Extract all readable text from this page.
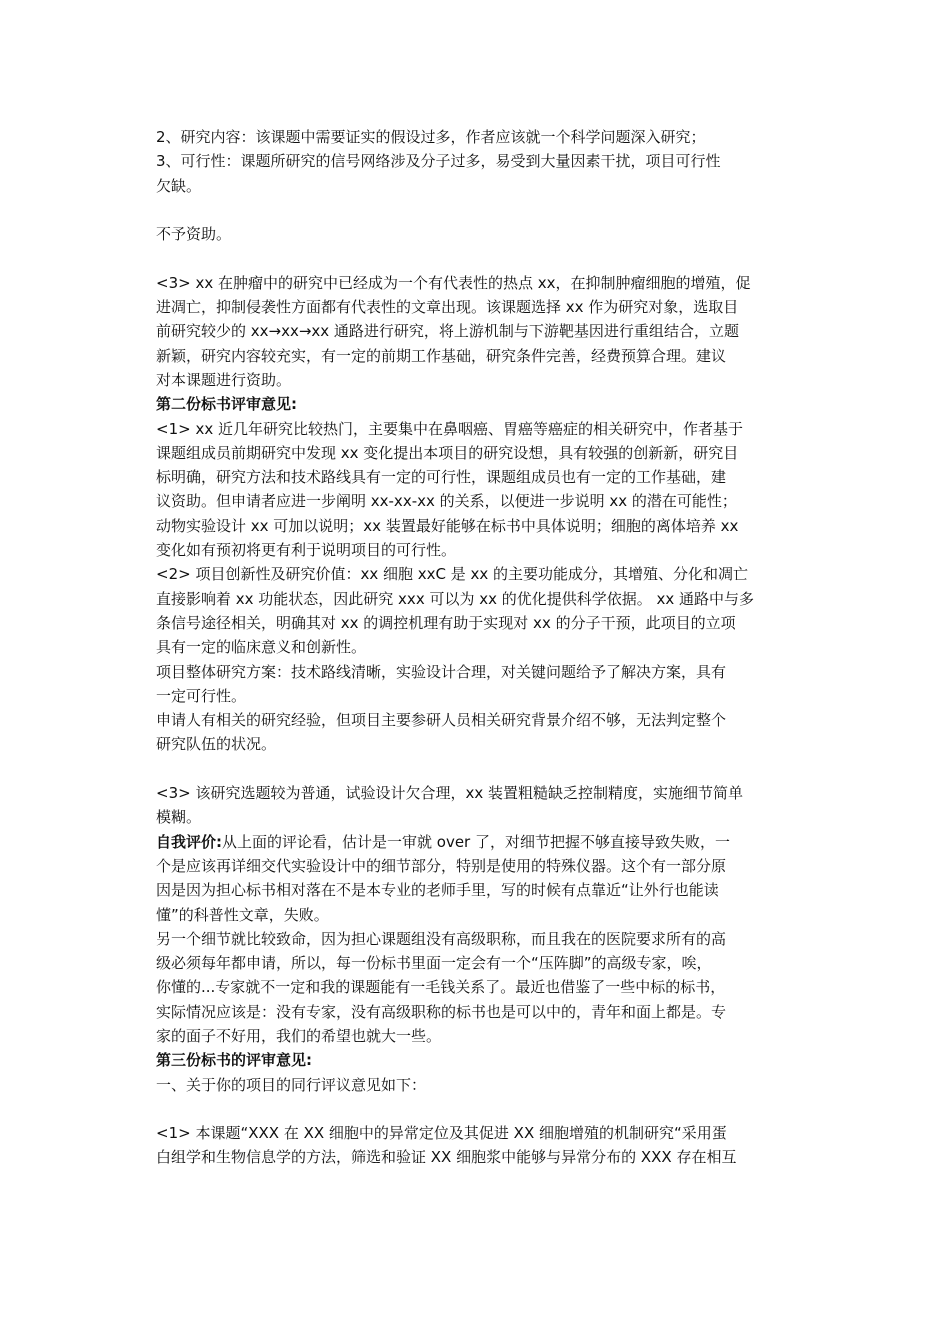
2、研究内容：该课题中需要证实的假设过多，作者应该就一个科学问题深入研究；
3、可行性：课题所研究的信号网络涉及分子过多，易受到大量因素干扰，项目可行性
欠缺。
不予资助。
<3> xx 在肿瘤中的研究中已经成为一个有代表性的热点 xx，在抑制肿瘤细胞的增殖，促
进凋亡，抑制侵袭性方面都有代表性的文章出现。该课题选择 xx 作为研究对象，选取目
前研究较少的 xx→xx→xx 通路进行研究，将上游机制与下游靶基因进行重组结合，立题
新颖，研究内容较充实，有一定的前期工作基础，研究条件完善，经费预算合理。建议
对本课题进行资助。
第二份标书评审意见:
<1> xx 近几年研究比较热门，主要集中在鼻咽癌、胃癌等癌症的相关研究中，作者基于
课题组成员前期研究中发现 xx 变化提出本项目的研究设想，具有较强的创新新，研究目
标明确，研究方法和技术路线具有一定的可行性，课题组成员也有一定的工作基础，建
议资助。但申请者应进一步阐明 xx-xx-xx 的关系，以便进一步说明 xx 的潜在可能性；
动物实验设计 xx 可加以说明；xx 装置最好能够在标书中具体说明；细胞的离体培养 xx
变化如有预初将更有利于说明项目的可行性。
<2> 项目创新性及研究价值：xx 细胞 xxC 是 xx 的主要功能成分，其增殖、分化和凋亡
直接影响着 xx 功能状态，因此研究 xxx 可以为 xx 的优化提供科学依据。 xx 通路中与多
条信号途径相关，明确其对 xx 的调控机理有助于实现对 xx 的分子干预，此项目的立项
具有一定的临床意义和创新性。
项目整体研究方案：技术路线清晰，实验设计合理，对关键问题给予了解决方案，具有
一定可行性。
申请人有相关的研究经验，但项目主要参研人员相关研究背景介绍不够，无法判定整个
研究队伍的状况。
<3> 该研究选题较为普通，试验设计欠合理，xx 装置粗糙缺乏控制精度，实施细节简单
模糊。
自我评价:从上面的评论看，估计是一审就 over 了，对细节把握不够直接导致失败，一
个是应该再详细交代实验设计中的细节部分，特别是使用的特殊仪器。这个有一部分原
因是因为担心标书相对落在不是本专业的老师手里，写的时候有点靠近“让外行也能读
懂”的科普性文章，失败。
另一个细节就比较致命，因为担心课题组没有高级职称，而且我在的医院要求所有的高
级必须每年都申请，所以，每一份标书里面一定会有一个“压阵脚”的高级专家，唉，
你懂的...专家就不一定和我的课题能有一毛钱关系了。最近也借鉴了一些中标的标书，
实际情况应该是：没有专家，没有高级职称的标书也是可以中的，青年和面上都是。专
家的面子不好用，我们的希望也就大一些。
第三份标书的评审意见:
一、关于你的项目的同行评议意见如下：
<1> 本课题“XXX 在 XX 细胞中的异常定位及其促进 XX 细胞增殖的机制研究“采用蛋
白组学和生物信息学的方法，筛选和验证 XX 细胞浆中能够与异常分布的 XXX 存在相互
